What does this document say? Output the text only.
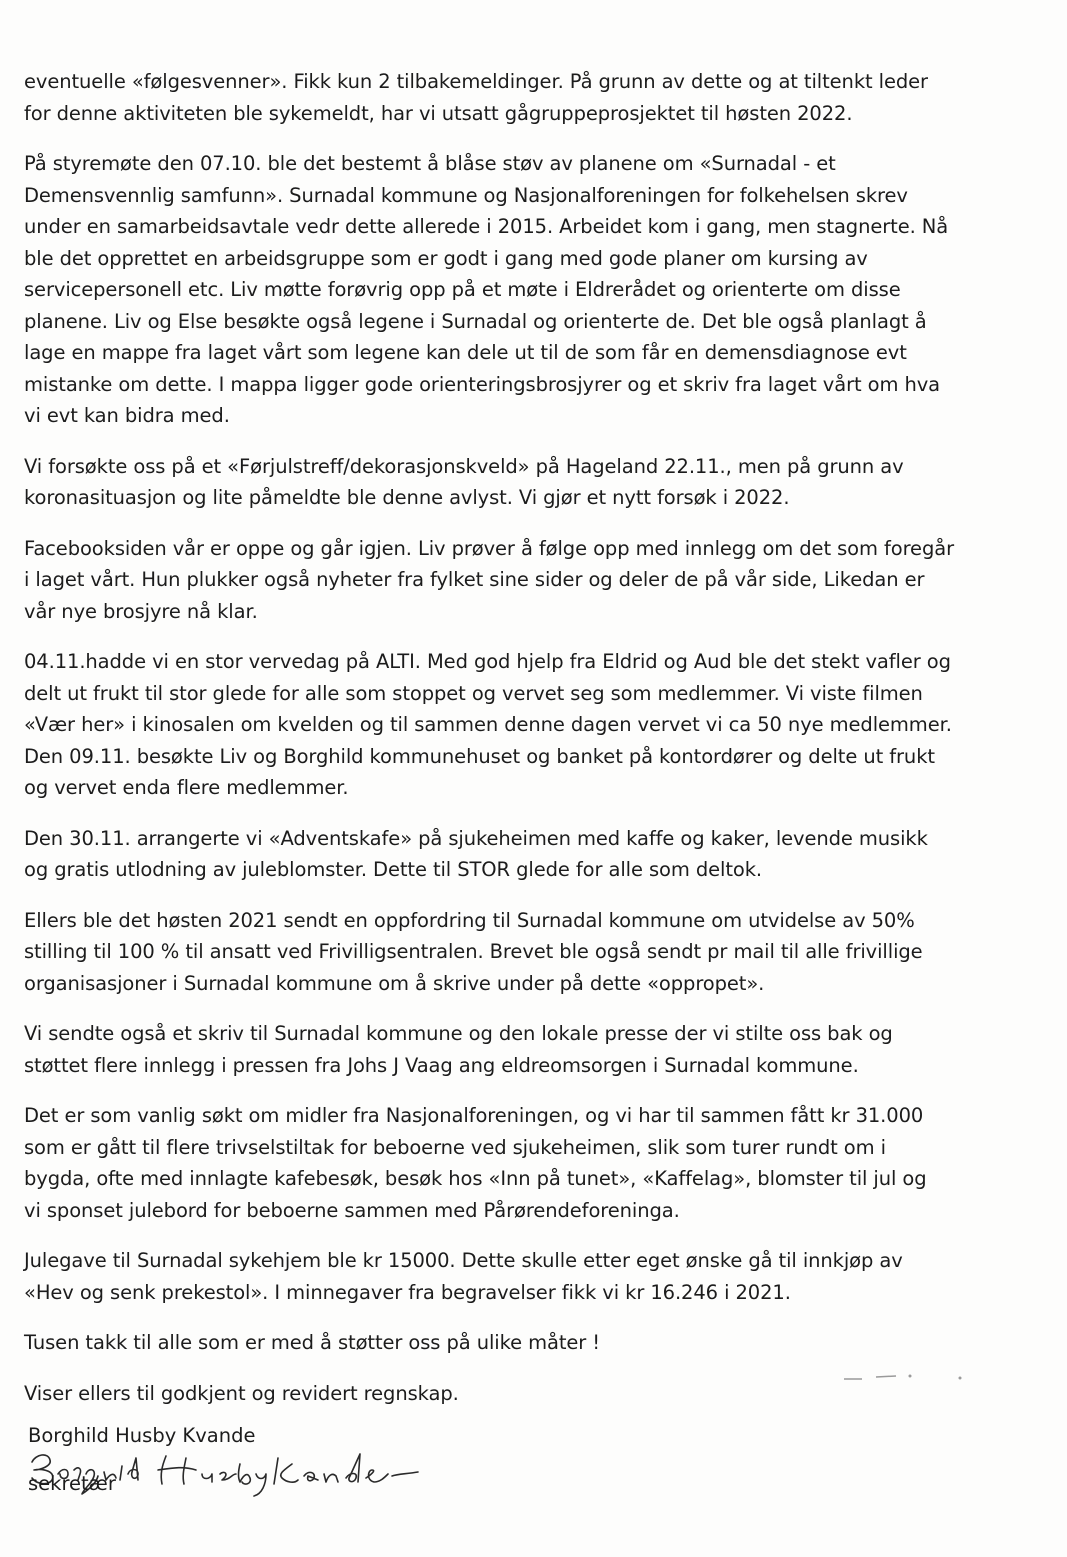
eventuelle «følgesvenner». Fikk kun 2 tilbakemeldinger. På grunn av dette og at tiltenkt leder
for denne aktiviteten ble sykemeldt, har vi utsatt gågruppeprosjektet til høsten 2022.

På styremøte den 07.10. ble det bestemt å blåse støv av planene om «Surnadal - et
Demensvennlig samfunn». Surnadal kommune og Nasjonalforeningen for folkehelsen skrev
under en samarbeidsavtale vedr dette allerede i 2015. Arbeidet kom i gang, men stagnerte. Nå
ble det opprettet en arbeidsgruppe som er godt i gang med gode planer om kursing av
servicepersonell etc. Liv møtte forøvrig opp på et møte i Eldrerådet og orienterte om disse
planene. Liv og Else besøkte også legene i Surnadal og orienterte de. Det ble også planlagt å
lage en mappe fra laget vårt som legene kan dele ut til de som får en demensdiagnose evt
mistanke om dette. I mappa ligger gode orienteringsbrosjyrer og et skriv fra laget vårt om hva
vi evt kan bidra med.

Vi forsøkte oss på et «Førjulstreff/dekorasjonskveld» på Hageland 22.11., men på grunn av
koronasituasjon og lite påmeldte ble denne avlyst. Vi gjør et nytt forsøk i 2022.

Facebooksiden vår er oppe og går igjen. Liv prøver å følge opp med innlegg om det som foregår
i laget vårt. Hun plukker også nyheter fra fylket sine sider og deler de på vår side, Likedan er
vår nye brosjyre nå klar.

04.11.hadde vi en stor vervedag på ALTI. Med god hjelp fra Eldrid og Aud ble det stekt vafler og
delt ut frukt til stor glede for alle som stoppet og vervet seg som medlemmer. Vi viste filmen
«Vær her» i kinosalen om kvelden og til sammen denne dagen vervet vi ca 50 nye medlemmer.
Den 09.11. besøkte Liv og Borghild kommunehuset og banket på kontordører og delte ut frukt
og vervet enda flere medlemmer.

Den 30.11. arrangerte vi «Adventskafe» på sjukeheimen med kaffe og kaker, levende musikk
og gratis utlodning av juleblomster. Dette til STOR glede for alle som deltok.

Ellers ble det høsten 2021 sendt en oppfordring til Surnadal kommune om utvidelse av 50%
stilling til 100 % til ansatt ved Frivilligsentralen. Brevet ble også sendt pr mail til alle frivillige
organisasjoner i Surnadal kommune om å skrive under på dette «oppropet».

Vi sendte også et skriv til Surnadal kommune og den lokale presse der vi stilte oss bak og
støttet flere innlegg i pressen fra Johs J Vaag ang eldreomsorgen i Surnadal kommune.

Det er som vanlig søkt om midler fra Nasjonalforeningen, og vi har til sammen fått kr 31.000
som er gått til flere trivselstiltak for beboerne ved sjukeheimen, slik som turer rundt om i
bygda, ofte med innlagte kafebesøk, besøk hos «Inn på tunet», «Kaffelag», blomster til jul og
vi sponset julebord for beboerne sammen med Pårørendeforeninga.

Julegave til Surnadal sykehjem ble kr 15000. Dette skulle etter eget ønske gå til innkjøp av
«Hev og senk prekestol». I minnegaver fra begravelser fikk vi kr 16.246 i 2021.

Tusen takk til alle som er med å støtter oss på ulike måter !

Viser ellers til godkjent og revidert regnskap.

Borghild Husby Kvande
sekretær
